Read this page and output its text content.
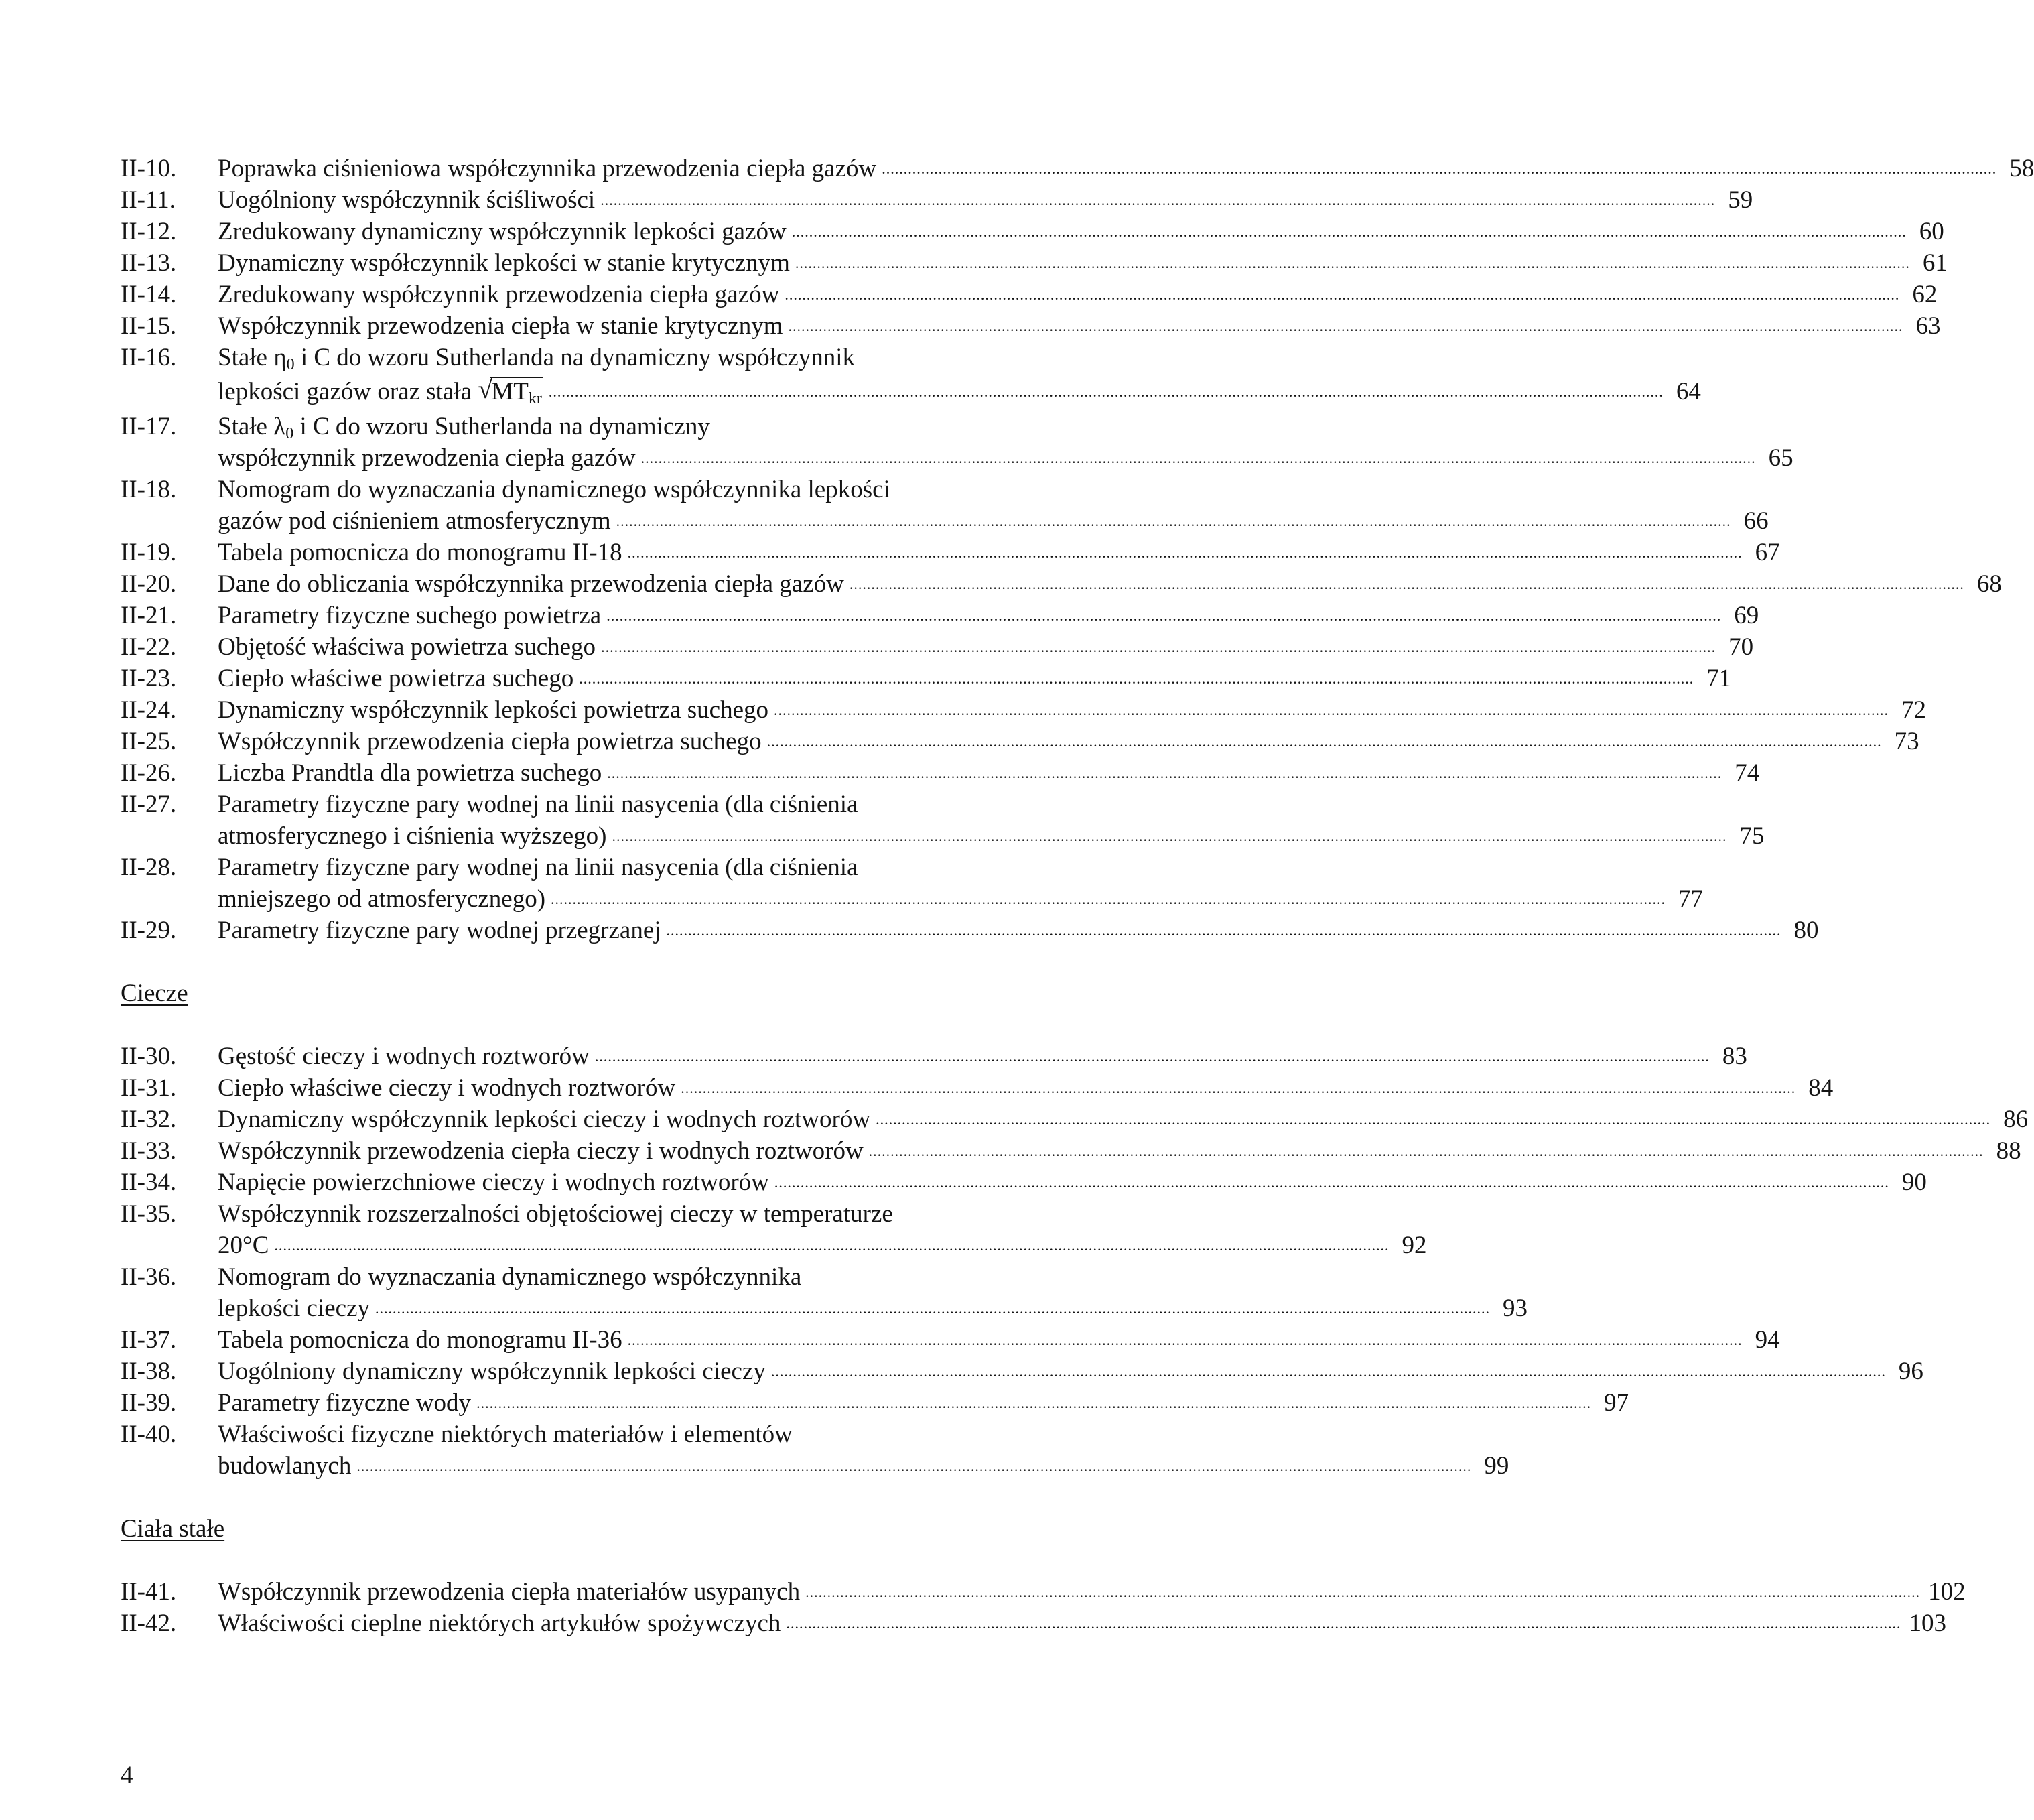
II-10.	Poprawka ciśnieniowa współczynnika przewodzenia ciepła gazów .....	58
II-11.	Uogólniony współczynnik ściśliwości .....	59
II-12.	Zredukowany dynamiczny współczynnik lepkości gazów .....	60
II-13.	Dynamiczny współczynnik lepkości w stanie krytycznym .....	61
II-14.	Zredukowany współczynnik przewodzenia ciepła gazów .....	62
II-15.	Współczynnik przewodzenia ciepła w stanie krytycznym .....	63
II-16.	Stałe $\eta_0$ i C do wzoru Sutherlanda na dynamiczny współczynnik
lepkości gazów oraz stała √
$MT_{kr}$ .....	64
II-17.	Stałe $\lambda_0$ i C do wzoru Sutherlanda na dynamiczny
współczynnik przewodzenia ciepła gazów .....	65
II-18.	Nomogram do wyznaczania dynamicznego współczynnika lepkości
gazów pod ciśnieniem atmosferycznym .....	66
II-19.	Tabela pomocnicza do monogramu II-18 .....	67
II-20.	Dane do obliczania współczynnika przewodzenia ciepła gazów .....	68
II-21.	Parametry fizyczne suchego powietrza .....	69
II-22.	Objętość właściwa powietrza suchego .....	70
II-23.	Ciepło właściwe powietrza suchego .....	71
II-24.	Dynamiczny współczynnik lepkości powietrza suchego .....	72
II-25.	Współczynnik przewodzenia ciepła powietrza suchego .....	73
II-26.	Liczba Prandtla dla powietrza suchego .....	74
II-27.	Parametry fizyczne pary wodnej na linii nasycenia (dla ciśnienia
atmosferycznego i ciśnienia wyższego) .....	75
II-28.	Parametry fizyczne pary wodnej na linii nasycenia (dla ciśnienia
mniejszego od atmosferycznego) .....	77
II-29.	Parametry fizyczne pary wodnej przegrzanej .....	80
Ciecze
II-30.	Gęstość cieczy i wodnych roztworów .....	83
II-31.	Ciepło właściwe cieczy i wodnych roztworów .....	84
II-32.	Dynamiczny współczynnik lepkości cieczy i wodnych roztworów .....	86
II-33.	Współczynnik przewodzenia ciepła cieczy i wodnych roztworów .....	88
II-34.	Napięcie powierzchniowe cieczy i wodnych roztworów .....	90
II-35.	Współczynnik rozszerzalności objętościowej cieczy w temperaturze
20°C .....	92
II-36.	Nomogram do wyznaczania dynamicznego współczynnika
lepkości cieczy .....	93
II-37.	Tabela pomocnicza do monogramu II-36 .....	94
II-38.	Uogólniony dynamiczny współczynnik lepkości cieczy .....	96
II-39.	Parametry fizyczne wody .....	97
II-40.	Właściwości fizyczne niektórych materiałów i elementów
budowlanych .....	99
Ciała stałe
II-41.	Współczynnik przewodzenia ciepła materiałów usypanych .....	102
II-42.	Właściwości cieplne niektórych artykułów spożywczych .....	103
4
